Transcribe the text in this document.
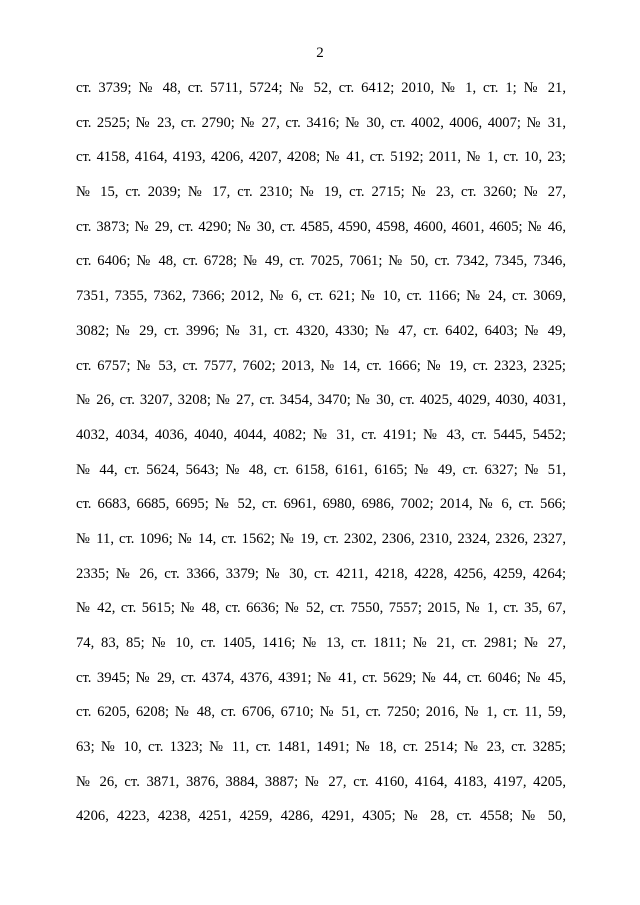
2
ст. 3739; № 48, ст. 5711, 5724; № 52, ст. 6412; 2010, № 1, ст. 1; № 21,
ст. 2525; № 23, ст. 2790; № 27, ст. 3416; № 30, ст. 4002, 4006, 4007; № 31,
ст. 4158, 4164, 4193, 4206, 4207, 4208; № 41, ст. 5192; 2011, № 1, ст. 10, 23;
№ 15, ст. 2039; № 17, ст. 2310; № 19, ст. 2715; № 23, ст. 3260; № 27,
ст. 3873; № 29, ст. 4290; № 30, ст. 4585, 4590, 4598, 4600, 4601, 4605; № 46,
ст. 6406; № 48, ст. 6728; № 49, ст. 7025, 7061; № 50, ст. 7342, 7345, 7346,
7351, 7355, 7362, 7366; 2012, № 6, ст. 621; № 10, ст. 1166; № 24, ст. 3069,
3082; № 29, ст. 3996; № 31, ст. 4320, 4330; № 47, ст. 6402, 6403; № 49,
ст. 6757; № 53, ст. 7577, 7602; 2013, № 14, ст. 1666; № 19, ст. 2323, 2325;
№ 26, ст. 3207, 3208; № 27, ст. 3454, 3470; № 30, ст. 4025, 4029, 4030, 4031,
4032, 4034, 4036, 4040, 4044, 4082; № 31, ст. 4191; № 43, ст. 5445, 5452;
№ 44, ст. 5624, 5643; № 48, ст. 6158, 6161, 6165; № 49, ст. 6327; № 51,
ст. 6683, 6685, 6695; № 52, ст. 6961, 6980, 6986, 7002; 2014, № 6, ст. 566;
№ 11, ст. 1096; № 14, ст. 1562; № 19, ст. 2302, 2306, 2310, 2324, 2326, 2327,
2335; № 26, ст. 3366, 3379; № 30, ст. 4211, 4218, 4228, 4256, 4259, 4264;
№ 42, ст. 5615; № 48, ст. 6636; № 52, ст. 7550, 7557; 2015, № 1, ст. 35, 67,
74, 83, 85; № 10, ст. 1405, 1416; № 13, ст. 1811; № 21, ст. 2981; № 27,
ст. 3945; № 29, ст. 4374, 4376, 4391; № 41, ст. 5629; № 44, ст. 6046; № 45,
ст. 6205, 6208; № 48, ст. 6706, 6710; № 51, ст. 7250; 2016, № 1, ст. 11, 59,
63; № 10, ст. 1323; № 11, ст. 1481, 1491; № 18, ст. 2514; № 23, ст. 3285;
№ 26, ст. 3871, 3876, 3884, 3887; № 27, ст. 4160, 4164, 4183, 4197, 4205,
4206, 4223, 4238, 4251, 4259, 4286, 4291, 4305; № 28, ст. 4558; № 50,
